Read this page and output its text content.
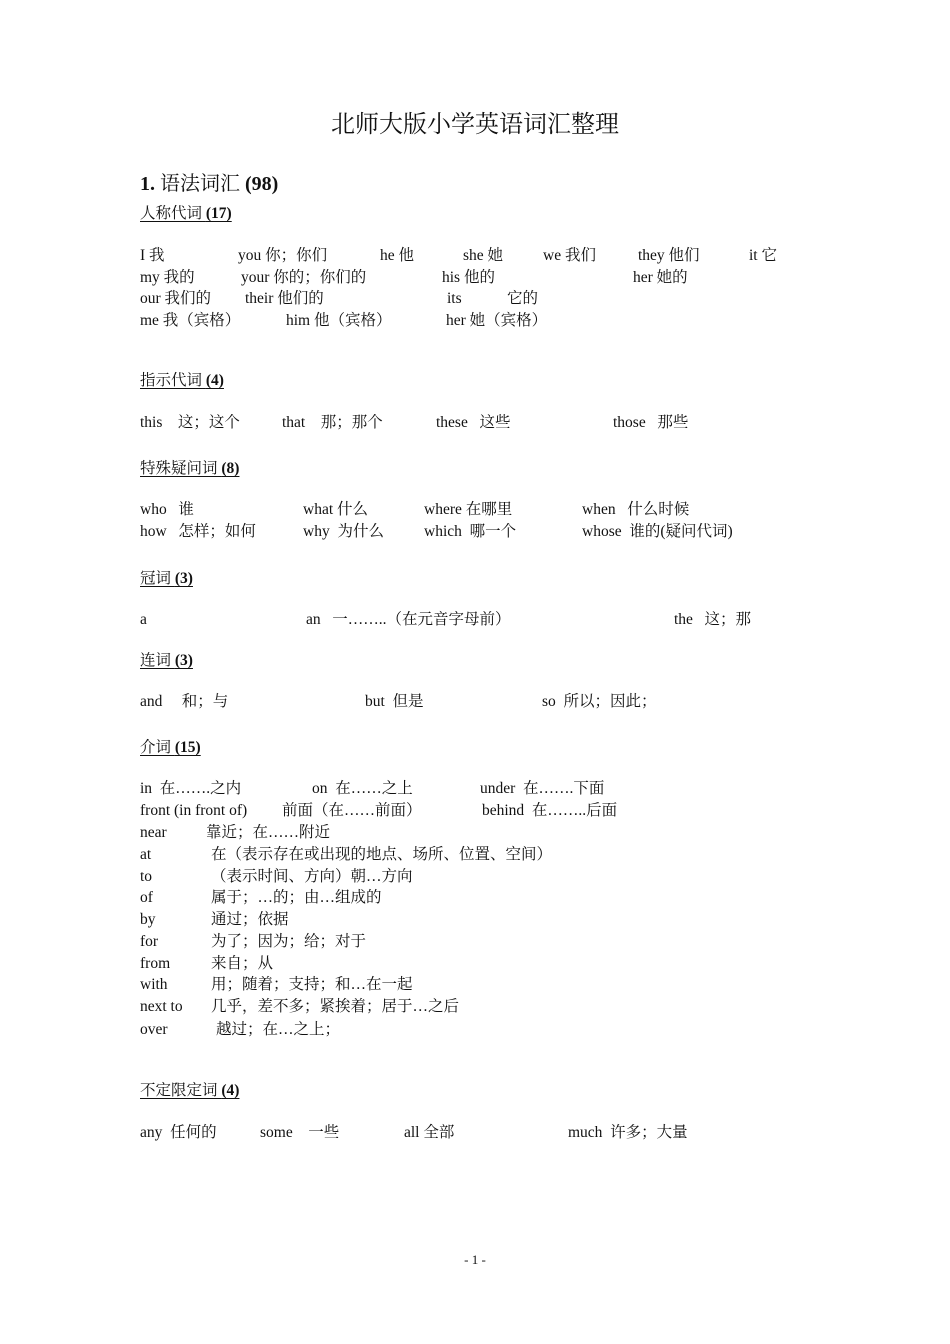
北师大版小学英语词汇整理
1. 语法词汇 (98)
人称代词 (17)
I 我	you 你；你们	he 他	she 她	we 我们	they 他们	it 它
my 我的	your 你的；你们的	his 他的	her 她的
our 我们的 their 他们的	its	它的
me 我（宾格）	him 他（宾格）	her 她（宾格）
指示代词 (4)
this    这；这个	that    那；那个	these   这些	those   那些
特殊疑问词 (8)
who   谁	what 什么	where 在哪里	when   什么时候
how   怎样；如何	why  为什么	which  哪一个	whose  谁的(疑问代词)
冠词 (3)
a	an   一……..（在元音字母前）	the   这；那
连词 (3)
and     和；与	but  但是	so  所以；因此；
介词 (15)
in  在…….之内	on  在……之上	under  在…….下面
front (in front of) 前面（在……前面）	behind  在……..后面
near	靠近；在……附近
at	在（表示存在或出现的地点、场所、位置、空间）
to	（表示时间、方向）朝…方向
of	属于；…的；由…组成的
by	通过；依据
for	为了；因为；给；对于
from	来自；从
with	用；随着；支持；和…在一起
next to 几乎，差不多；紧挨着；居于…之后
over	越过；在…之上；
不定限定词 (4)
any  任何的	some    一些	all 全部	much  许多；大量
- 1 -
